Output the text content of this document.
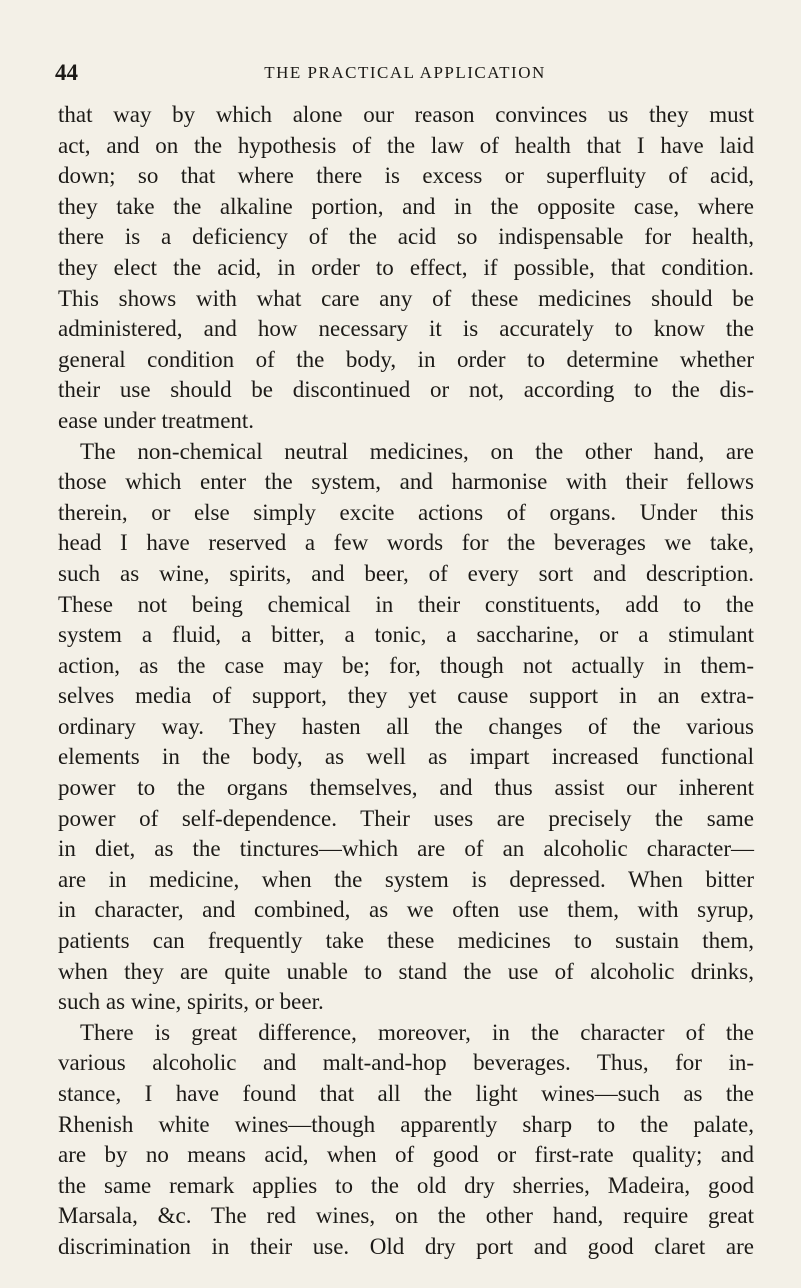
44	THE PRACTICAL APPLICATION

that way by which alone our reason convinces us they must

act, and on the hypothesis of the law of health that I have laid

down; so that where there is excess or superfluity of acid,

they take the alkaline portion, and in the opposite case, where

there is a deficiency of the acid so indispensable for health,

they elect the acid, in order to effect, if possible, that condition.

This shows with what care any of these medicines should be

administered, and how necessary it is accurately to know the

general condition of the body, in order to determine whether

their use should be discontinued or not, according to the dis-

ease under treatment.

The non-chemical neutral medicines, on the other hand, are

those which enter the system, and harmonise with their fellows

therein, or else simply excite actions of organs. Under this

head I have reserved a few words for the beverages we take,

such as wine, spirits, and beer, of every sort and description.

These not being chemical in their constituents, add to the

system a fluid, a bitter, a tonic, a saccharine, or a stimulant

action, as the case may be; for, though not actually in them-

selves media of support, they yet cause support in an extra-

ordinary way. They hasten all the changes of the various

elements in the body, as well as impart increased functional

power to the organs themselves, and thus assist our inherent

power of self-dependence. Their uses are precisely the same

in diet, as the tinctures—which are of an alcoholic character—

are in medicine, when the system is depressed. When bitter

in character, and combined, as we often use them, with syrup,

patients can frequently take these medicines to sustain them,

when they are quite unable to stand the use of alcoholic drinks,

such as wine, spirits, or beer.

There is great difference, moreover, in the character of the

various alcoholic and malt-and-hop beverages. Thus, for in-

stance, I have found that all the light wines—such as the

Rhenish white wines—though apparently sharp to the palate,

are by no means acid, when of good or first-rate quality; and

the same remark applies to the old dry sherries, Madeira, good

Marsala, &c. The red wines, on the other hand, require great

discrimination in their use. Old dry port and good claret are
